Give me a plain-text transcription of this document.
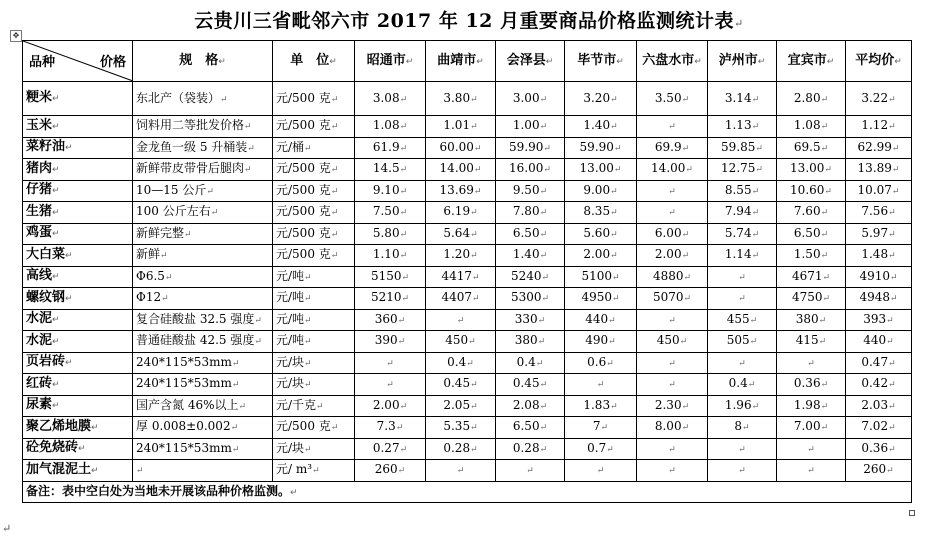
云贵川三省毗邻六市 2017 年 12 月重要商品价格监测统计表↵
✥
品种 价格	规　格↵	单　位↵	昭通市↵	曲靖市↵	会泽县↵	毕节市↵	六盘水市↵	泸州市↵	宜宾市↵	平均价↵
粳米↵	东北产（袋装）↵	元/500 克↵	3.08↵	3.80↵	3.00↵	3.20↵	3.50↵	3.14↵	2.80↵	3.22↵
玉米↵	饲料用二等批发价格↵	元/500 克↵	1.08↵	1.01↵	1.00↵	1.40↵	↵	1.13↵	1.08↵	1.12↵
菜籽油↵	金龙鱼一级 5 升桶装↵	元/桶↵	61.9↵	60.00↵	59.90↵	59.90↵	69.9↵	59.85↵	69.5↵	62.99↵
猪肉↵	新鲜带皮带骨后腿肉↵	元/500 克↵	14.5↵	14.00↵	16.00↵	13.00↵	14.00↵	12.75↵	13.00↵	13.89↵
仔猪↵	10—15 公斤↵	元/500 克↵	9.10↵	13.69↵	9.50↵	9.00↵	↵	8.55↵	10.60↵	10.07↵
生猪↵	100 公斤左右↵	元/500 克↵	7.50↵	6.19↵	7.80↵	8.35↵	↵	7.94↵	7.60↵	7.56↵
鸡蛋↵	新鲜完整↵	元/500 克↵	5.80↵	5.64↵	6.50↵	5.60↵	6.00↵	5.74↵	6.50↵	5.97↵
大白菜↵	新鲜↵	元/500 克↵	1.10↵	1.20↵	1.40↵	2.00↵	2.00↵	1.14↵	1.50↵	1.48↵
高线↵	Φ6.5↵	元/吨↵	5150↵	4417↵	5240↵	5100↵	4880↵	↵	4671↵	4910↵
螺纹钢↵	Φ12↵	元/吨↵	5210↵	4407↵	5300↵	4950↵	5070↵	↵	4750↵	4948↵
水泥↵	复合硅酸盐 32.5 强度↵	元/吨↵	360↵	↵	330↵	440↵	↵	455↵	380↵	393↵
水泥↵	普通硅酸盐 42.5 强度↵	元/吨↵	390↵	450↵	380↵	490↵	450↵	505↵	415↵	440↵
页岩砖↵	240*115*53mm↵	元/块↵	↵	0.4↵	0.4↵	0.6↵	↵	↵	↵	0.47↵
红砖↵	240*115*53mm↵	元/块↵	↵	0.45↵	0.45↵	↵	↵	0.4↵	0.36↵	0.42↵
尿素↵	国产含氮 46%以上↵	元/千克↵	2.00↵	2.05↵	2.08↵	1.83↵	2.30↵	1.96↵	1.98↵	2.03↵
聚乙烯地膜↵	厚 0.008±0.002↵	元/500 克↵	7.3↵	5.35↵	6.50↵	7↵	8.00↵	8↵	7.00↵	7.02↵
砼免烧砖↵	240*115*53mm↵	元/块↵	0.27↵	0.28↵	0.28↵	0.7↵	↵	↵	↵	0.36↵
加气混泥土↵	↵	元/ m³↵	260↵	↵	↵	↵	↵	↵	↵	260↵
备注：表中空白处为当地未开展该品种价格监测。↵										
↵
